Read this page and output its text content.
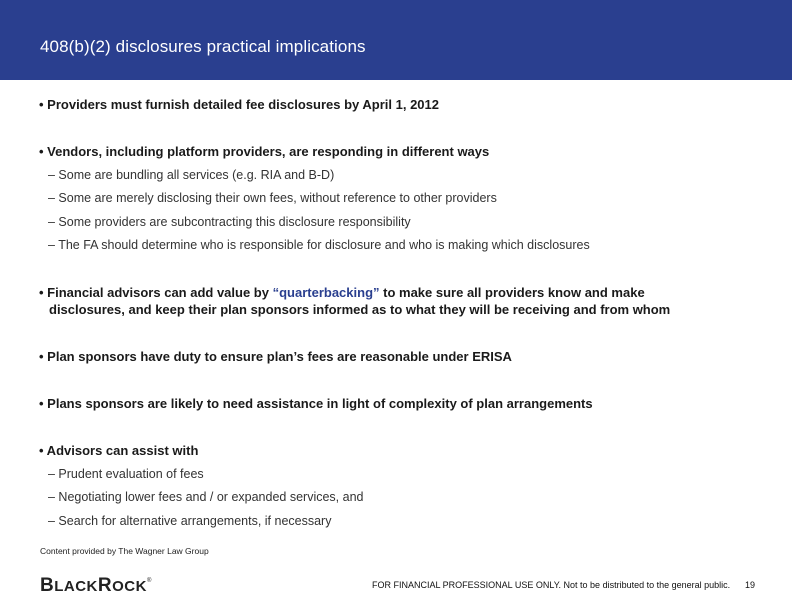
408(b)(2) disclosures practical implications
• Providers must furnish detailed fee disclosures by April 1, 2012
• Vendors, including platform providers, are responding in different ways
– Some are bundling all services (e.g. RIA and B-D)
– Some are merely disclosing their own fees, without reference to other providers
– Some providers are subcontracting this disclosure responsibility
– The FA should determine who is responsible for disclosure and who is making which disclosures
• Financial advisors can add value by “quarterbacking” to make sure all providers know and make
disclosures, and keep their plan sponsors informed as to what they will be receiving and from whom
• Plan sponsors have duty to ensure plan’s fees are reasonable under ERISA
• Plans sponsors are likely to need assistance in light of complexity of plan arrangements
• Advisors can assist with
– Prudent evaluation of fees
– Negotiating lower fees and / or expanded services, and
– Search for alternative arrangements, if necessary
Content provided by The Wagner Law Group
BLACKROCK®	FOR FINANCIAL PROFESSIONAL USE ONLY. Not to be distributed to the general public. 19
